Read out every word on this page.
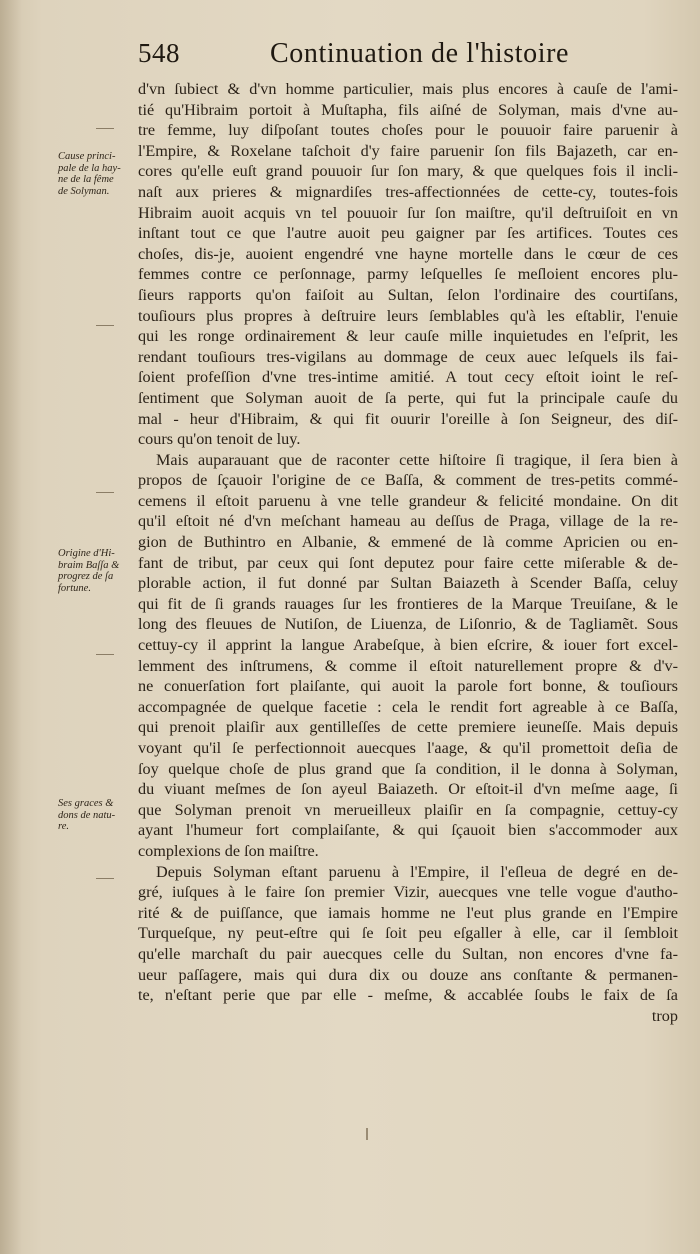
548	Continuation de l'histoire
Cause princi-
pale de la hay-
ne de la fême
de Solyman.
Origine d'Hi-
braim Baſſa &
progrez de ſa
fortune.
Ses graces &
dons de natu-
re.
d'vn ſubiect & d'vn homme particulier, mais plus encores à cauſe de l'ami-
tié qu'Hibraim portoit à Muſtapha, fils aiſné de Solyman, mais d'vne au-
tre femme, luy diſpoſant toutes choſes pour le pouuoir faire paruenir à
l'Empire, & Roxelane taſchoit d'y faire paruenir ſon fils Bajazeth, car en-
cores qu'elle euſt grand pouuoir ſur ſon mary, & que quelques fois il incli-
naſt aux prieres & mignardiſes tres-affectionnées de cette-cy, toutes-fois
Hibraim auoit acquis vn tel pouuoir ſur ſon maiſtre, qu'il deſtruiſoit en vn
inſtant tout ce que l'autre auoit peu gaigner par ſes artifices. Toutes ces
choſes, dis-je, auoient engendré vne hayne mortelle dans le cœur de ces
femmes contre ce perſonnage, parmy leſquelles ſe meſloient encores plu-
ſieurs rapports qu'on faiſoit au Sultan, ſelon l'ordinaire des courtiſans,
touſiours plus propres à deſtruire leurs ſemblables qu'à les eſtablir, l'enuie
qui les ronge ordinairement & leur cauſe mille inquietudes en l'eſprit, les
rendant touſiours tres-vigilans au dommage de ceux auec leſquels ils fai-
ſoient profeſſion d'vne tres-intime amitié. A tout cecy eſtoit ioint le reſ-
ſentiment que Solyman auoit de ſa perte, qui fut la principale cauſe du
mal - heur d'Hibraim, & qui fit ouurir l'oreille à ſon Seigneur, des diſ-
cours qu'on tenoit de luy.
Mais auparauant que de raconter cette hiſtoire ſi tragique, il ſera bien à
propos de ſçauoir l'origine de ce Baſſa, & comment de tres-petits commé-
cemens il eſtoit paruenu à vne telle grandeur & felicité mondaine. On dit
qu'il eſtoit né d'vn meſchant hameau au deſſus de Praga, village de la re-
gion de Buthintro en Albanie, & emmené de là comme Apricien ou en-
fant de tribut, par ceux qui ſont deputez pour faire cette miſerable & de-
plorable action, il fut donné par Sultan Baiazeth à Scender Baſſa, celuy
qui fit de ſi grands rauages ſur les frontieres de la Marque Treuiſane, & le
long des fleuues de Nutiſon, de Liuenza, de Liſonrio, & de Tagliamẽt. Sous
cettuy-cy il apprint la langue Arabeſque, à bien eſcrire, & iouer fort excel-
lemment des inſtrumens, & comme il eſtoit naturellement propre & d'v-
ne conuerſation fort plaiſante, qui auoit la parole fort bonne, & touſiours
accompagnée de quelque facetie : cela le rendit fort agreable à ce Baſſa,
qui prenoit plaiſir aux gentilleſſes de cette premiere ieuneſſe. Mais depuis
voyant qu'il ſe perfectionnoit auecques l'aage, & qu'il promettoit deſia de
ſoy quelque choſe de plus grand que ſa condition, il le donna à Solyman,
du viuant meſmes de ſon ayeul Baiazeth. Or eſtoit-il d'vn meſme aage, ſi
que Solyman prenoit vn merueilleux plaiſir en ſa compagnie, cettuy-cy
ayant l'humeur fort complaiſante, & qui ſçauoit bien s'accommoder aux
complexions de ſon maiſtre.
Depuis Solyman eſtant paruenu à l'Empire, il l'eſleua de degré en de-
gré, iuſques à le faire ſon premier Vizir, auecques vne telle vogue d'autho-
rité & de puiſſance, que iamais homme ne l'eut plus grande en l'Empire
Turqueſque, ny peut-eſtre qui ſe ſoit peu eſgaller à elle, car il ſembloit
qu'elle marchaſt du pair auecques celle du Sultan, non encores d'vne fa-
ueur paſſagere, mais qui dura dix ou douze ans conſtante & permanen-
te, n'eſtant perie que par elle - meſme, & accablée ſoubs le faix de ſa
trop
